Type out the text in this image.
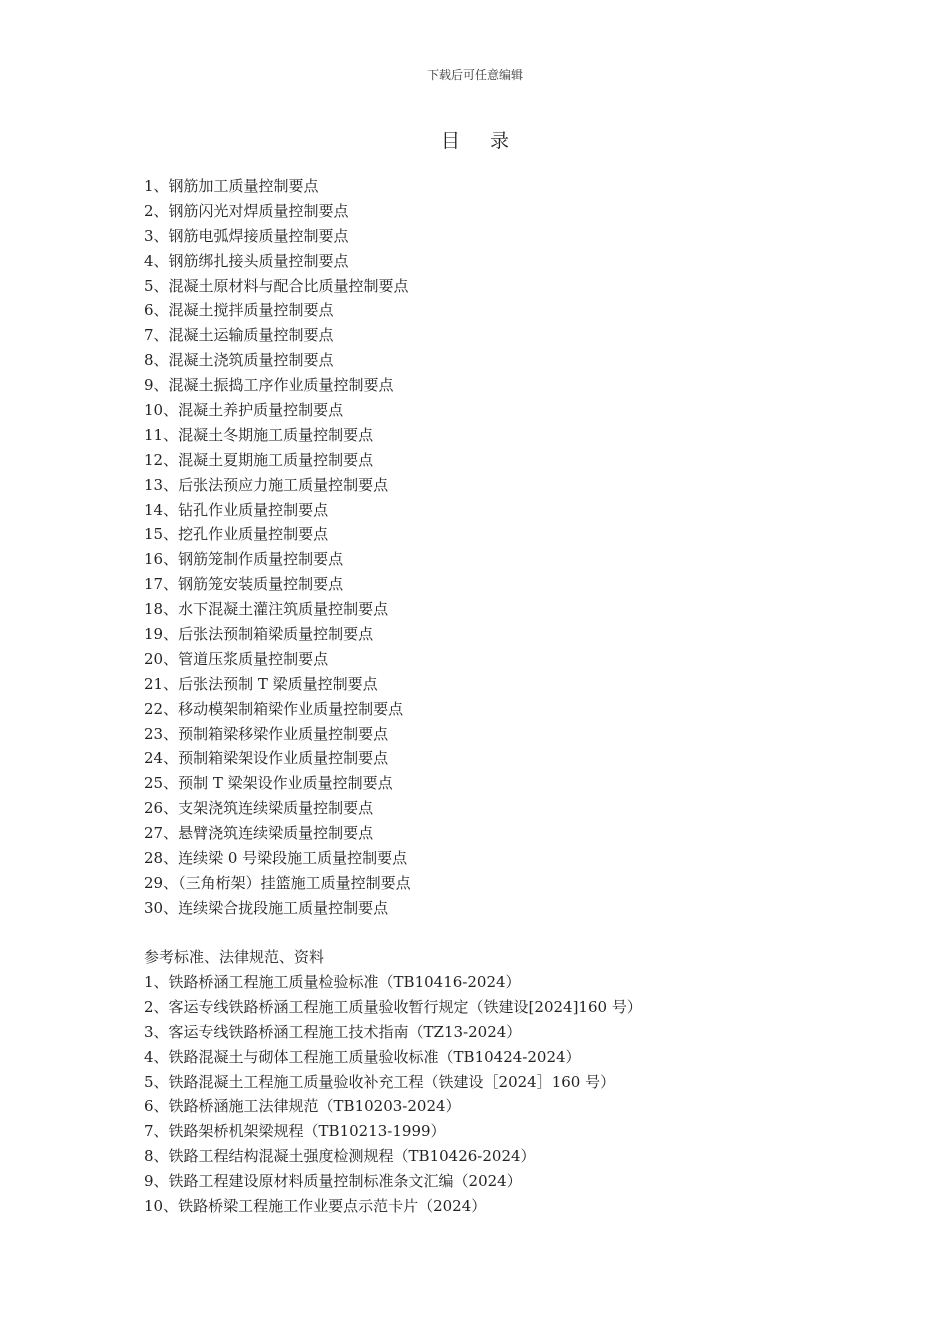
下载后可任意编辑
目录
1、钢筋加工质量控制要点
2、钢筋闪光对焊质量控制要点
3、钢筋电弧焊接质量控制要点
4、钢筋绑扎接头质量控制要点
5、混凝土原材料与配合比质量控制要点
6、混凝土搅拌质量控制要点
7、混凝土运输质量控制要点
8、混凝土浇筑质量控制要点
9、混凝土振捣工序作业质量控制要点
10、混凝土养护质量控制要点
11、混凝土冬期施工质量控制要点
12、混凝土夏期施工质量控制要点
13、后张法预应力施工质量控制要点
14、钻孔作业质量控制要点
15、挖孔作业质量控制要点
16、钢筋笼制作质量控制要点
17、钢筋笼安装质量控制要点
18、水下混凝土灌注筑质量控制要点
19、后张法预制箱梁质量控制要点
20、管道压浆质量控制要点
21、后张法预制 T 梁质量控制要点
22、移动模架制箱梁作业质量控制要点
23、预制箱梁移梁作业质量控制要点
24、预制箱梁架设作业质量控制要点
25、预制 T 梁架设作业质量控制要点
26、支架浇筑连续梁质量控制要点
27、悬臂浇筑连续梁质量控制要点
28、连续梁 0 号梁段施工质量控制要点
29、（三角桁架）挂篮施工质量控制要点
30、连续梁合拢段施工质量控制要点
参考标准、法律规范、资料
1、铁路桥涵工程施工质量检验标准（TB10416-2024）
2、客运专线铁路桥涵工程施工质量验收暂行规定（铁建设[2024]160 号）
3、客运专线铁路桥涵工程施工技术指南（TZ13-2024）
4、铁路混凝土与砌体工程施工质量验收标准（TB10424-2024）
5、铁路混凝土工程施工质量验收补充工程（铁建设［2024］160 号）
6、铁路桥涵施工法律规范（TB10203-2024）
7、铁路架桥机架梁规程（TB10213-1999）
8、铁路工程结构混凝土强度检测规程（TB10426-2024）
9、铁路工程建设原材料质量控制标准条文汇编（2024）
10、铁路桥梁工程施工作业要点示范卡片（2024）
